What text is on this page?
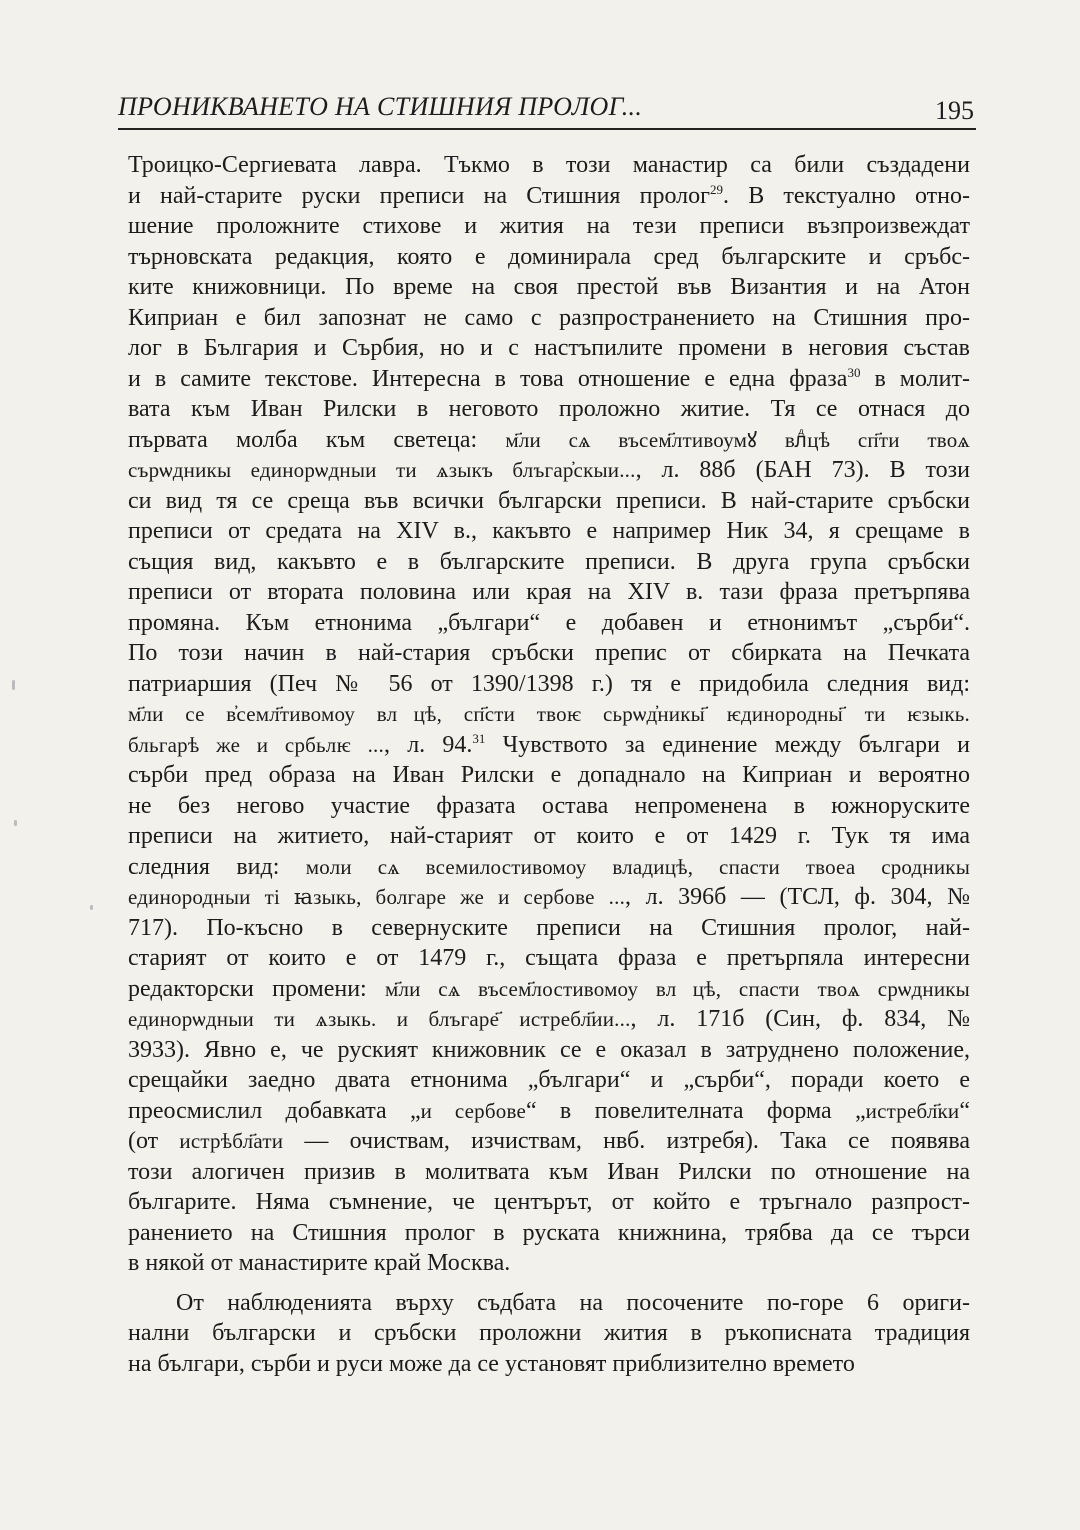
ПРОНИКВАНЕТО НА СТИШНИЯ ПРОЛОГ...	195
Троицко-Сергиевата лавра. Тъкмо в този манастир са били създадени
и най-старите руски преписи на Стишния пролог$^{29}$. В текстуално отно-
шение проложните стихове и жития на тези преписи възпроизвеждат
търновската редакция, която е доминирала сред българските и сръбс-
ките книжовници. По време на своя престой във Византия и на Атон
Киприан е бил запознат не само с разпространението на Стишния про-
лог в България и Сърбия, но и с настъпилите промени в неговия състав
и в самите текстове. Интересна в това отношение е една фраза$^{30}$ в молит-
вата към Иван Рилски в неговото проложно житие. Тя се отнася до
първата молба към светеца: м҃ли сѧ въсем҃лтивоумꙋ влⷣцѣ сп҃ти твоѧ
сърѡдникы единорѡдныи ти ѧзыкъ блъгар҆скыи..., л. 88б (БАН 73). В този
си вид тя се среща във всички български преписи. В най-старите сръбски
преписи от средата на XIV в., какъвто е например Ник 34, я срещаме в
същия вид, какъвто е в българските преписи. В друга група сръбски
преписи от втората половина или края на XIV в. тази фраза претърпява
промяна. Към етнонима „българи“ е добавен и етнонимът „сърби“.
По този начин в най-стария сръбски препис от сбирката на Печката
патриаршия (Печ № 56 от 1390/1398 г.) тя е придобила следния вид:
м҃ли се в҆семл҃тивомоу влⷣцѣ, сп҃сти твоѥ сьрѡд҆никы҃ ѥдинородны҃ ти ѥзыкь.
бльгарѣ же и србьлѥ ..., л. 94.31 Чувството за единение между българи и
сърби пред образа на Иван Рилски е допаднало на Киприан и вероятно
не без негово участие фразата остава непроменена в южноруските
преписи на житието, най-старият от които е от 1429 г. Тук тя има
следния вид: моли сѧ всемилостивомоу владицѣ, спасти твоеа сродникы
единородныи ті ꙗзыкь, болгаре же и сербове ..., л. 396б — (ТСЛ, ф. 304, №
717). По-късно в севернуските преписи на Стишния пролог, най-
старият от които е от 1479 г., същата фраза е претърпяла интересни
редакторски промени: м҃ли сѧ въсем҃лостивомоу влⷣцѣ, спасти твоѧ срѡдникы
единорѡдныи ти ѧзыкь. и блъгаре҃ истребл҃ии..., л. 171б (Син, ф. 834, №
3933). Явно е, че руският книжовник се е оказал в затруднено положение,
срещайки заедно двата етнонима „българи“ и „сърби“, поради което е
преосмислил добавката „и сербове“ в повелителната форма „истребл҃ки“
(от истрѣбл҃ати — очиствам, изчиствам, нвб. изтребя). Така се появява
този алогичен призив в молитвата към Иван Рилски по отношение на
българите. Няма съмнение, че центърът, от който е тръгнало разпрост-
ранението на Стишния пролог в руската книжнина, трябва да се търси
в някой от манастирите край Москва.
От наблюденията върху съдбата на посочените по-горе 6 ориги-
нални български и сръбски проложни жития в ръкописната традиция
на българи, сърби и руси може да се установят приблизително времето
